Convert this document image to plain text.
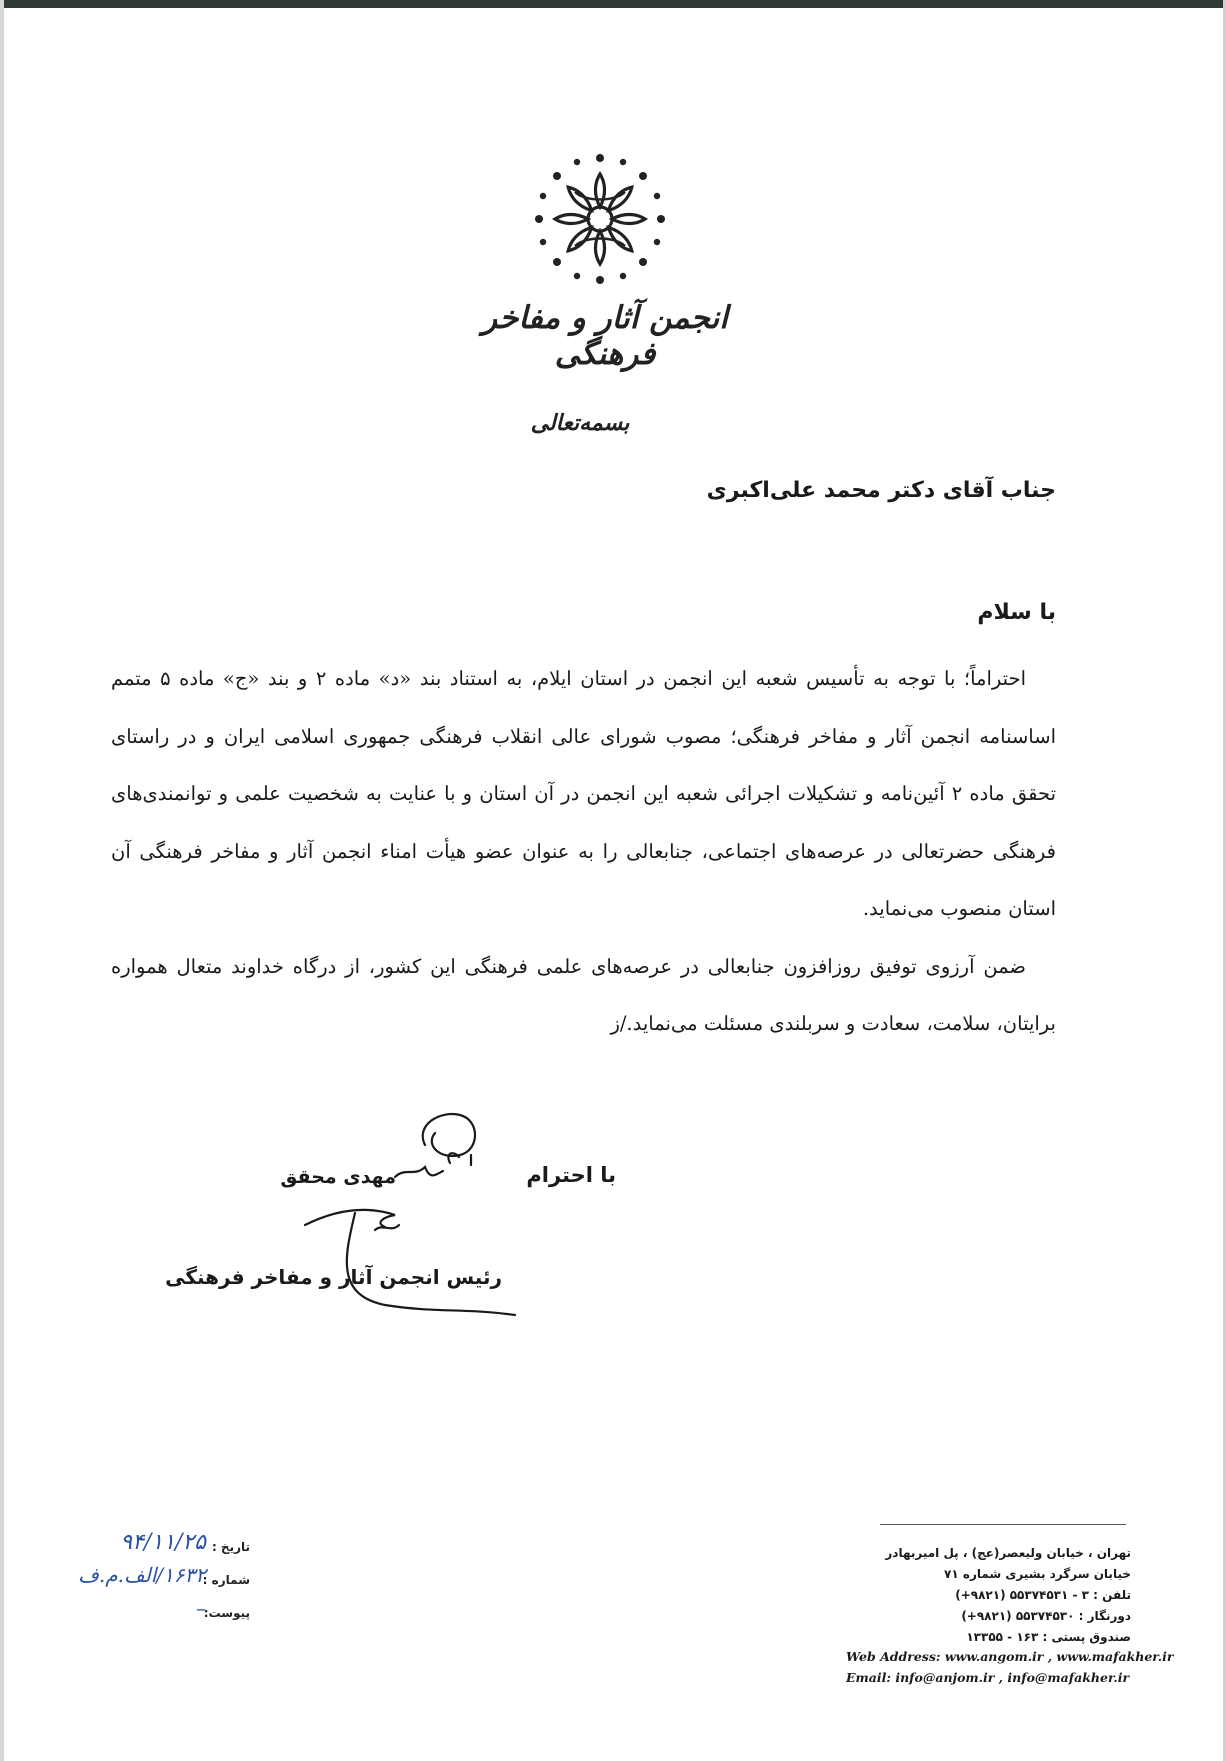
انجمن آثار و مفاخر فرهنگی
بسمه‌تعالی
جناب آقای دکتر محمد علی‌اکبری
با سلام

احتراماً؛ با توجه به تأسیس شعبه این انجمن در استان ایلام، به استناد بند «د» ماده ۲ و بند «ج» ماده ۵ متمم اساسنامه انجمن آثار و مفاخر فرهنگی؛ مصوب شورای عالی انقلاب فرهنگی جمهوری اسلامی ایران و در راستای تحقق ماده ۲ آئین‌نامه و تشکیلات اجرائی شعبه این انجمن در آن استان و با عنایت به شخصیت علمی و توانمندی‌های فرهنگی حضرتعالی در عرصه‌های اجتماعی، جنابعالی را به عنوان عضو هیأت امناء انجمن آثار و مفاخر فرهنگی آن استان منصوب می‌نماید.

ضمن آرزوی توفیق روزافزون جنابعالی در عرصه‌های علمی فرهنگی این کشور، از درگاه خداوند متعال همواره برایتان، سلامت، سعادت و سربلندی مسئلت می‌نماید./ز

با احترام
مهدی محقق
رئیس انجمن آثار و مفاخر فرهنگی
تهران ، خیابان ولیعصر(عج) ، پل امیربهادر
خیابان سرگرد بشیری شماره ۷۱
تلفن : ۳ - ۵۵۳۷۴۵۳۱ (۹۸۲۱+)
دورنگار : ۵۵۳۷۴۵۳۰ (۹۸۲۱+)
صندوق پستی : ۱۶۳ - ۱۳۳۵۵
Web Address: www.angom.ir , www.mafakher.ir
Email: info@anjom.ir , info@mafakher.ir
تاریخ :
۹۴/۱۱/۲۵
شماره :
۱۶۳۲/الف.م.ف
پیوست:
–
